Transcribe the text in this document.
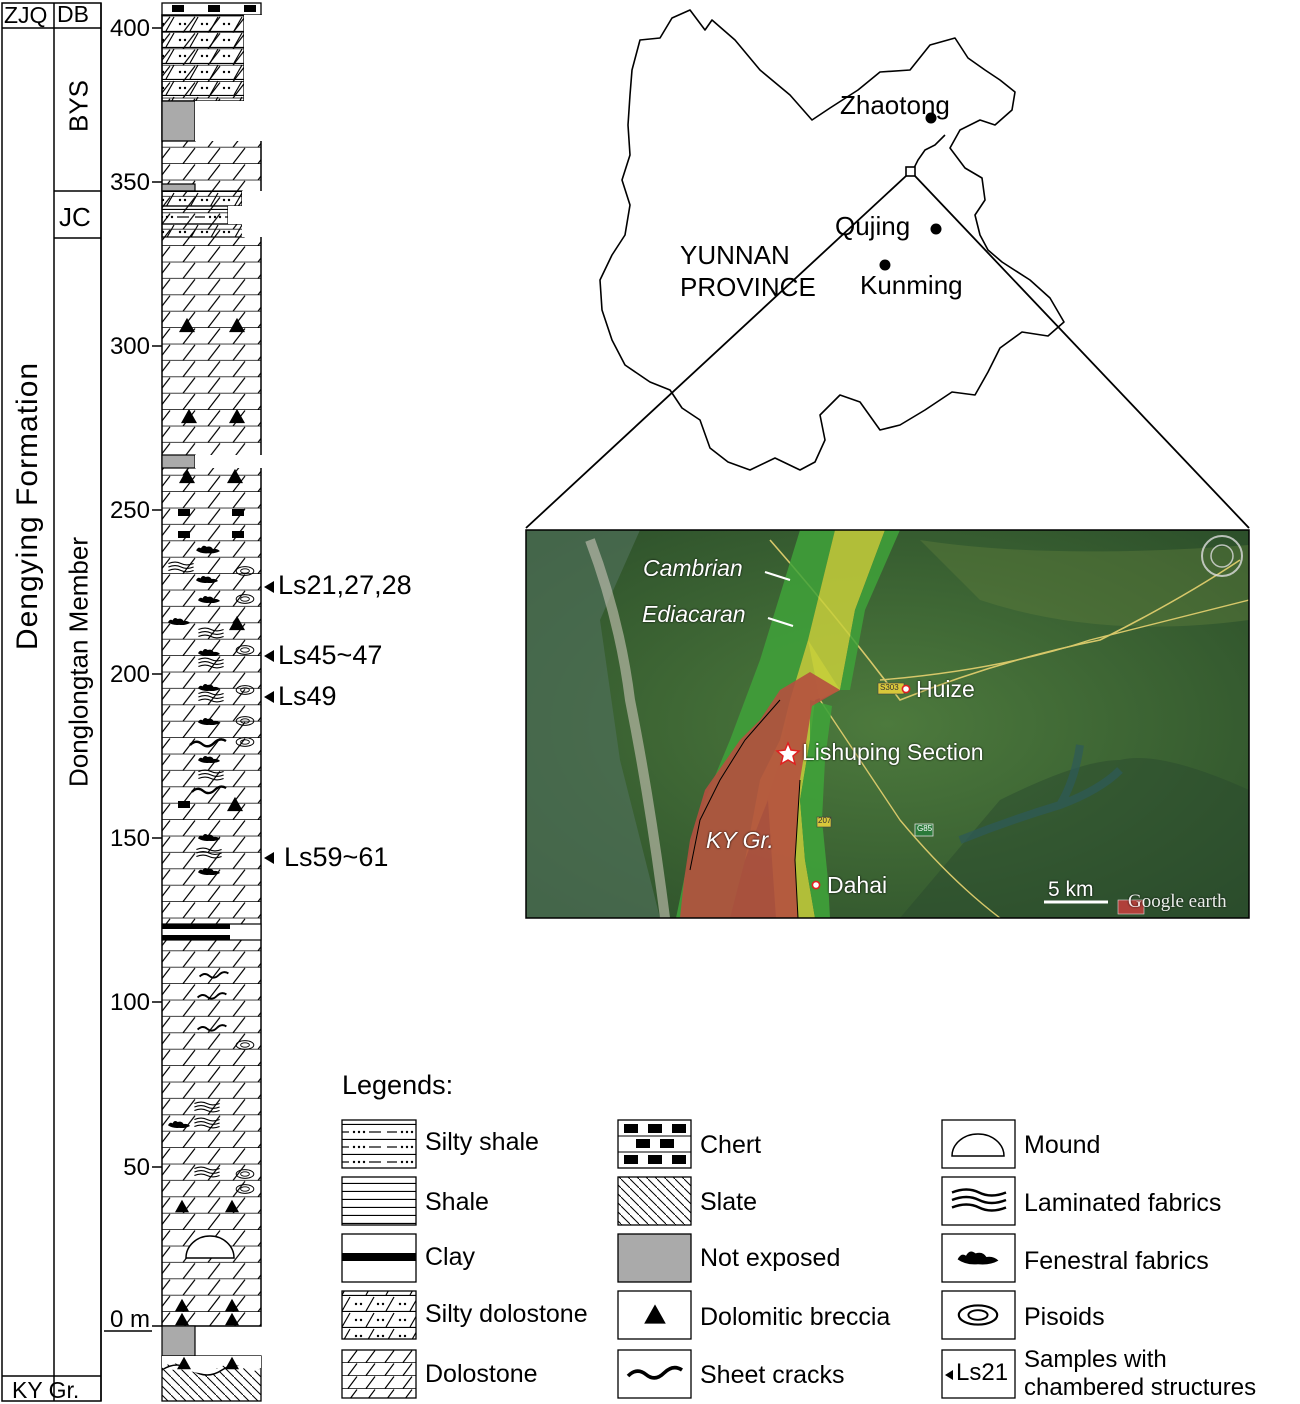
ZJQ DB
BYS
JC
Dengying Formation
Donglongtan Member
KY Gr.
400
350
300
250
200
150
100
50
0 m
Ls21,27,28
Ls45~47
Ls49
Ls59~61
YUNNAN
PROVINCE
Zhaotong
Qujing
Kunming
Cambrian
Ediacaran
Huize
Lishuping Section
KY Gr.
Dahai	5 km
Google earth
S303
207
G85
Legends:
Silty shale
Shale
Clay
Silty dolostone
Dolostone
Chert
Slate
Not exposed
Dolomitic breccia
Sheet cracks
Mound
Laminated fabrics
Fenestral fabrics
Pisoids
Ls21 Samples with
chambered structures
